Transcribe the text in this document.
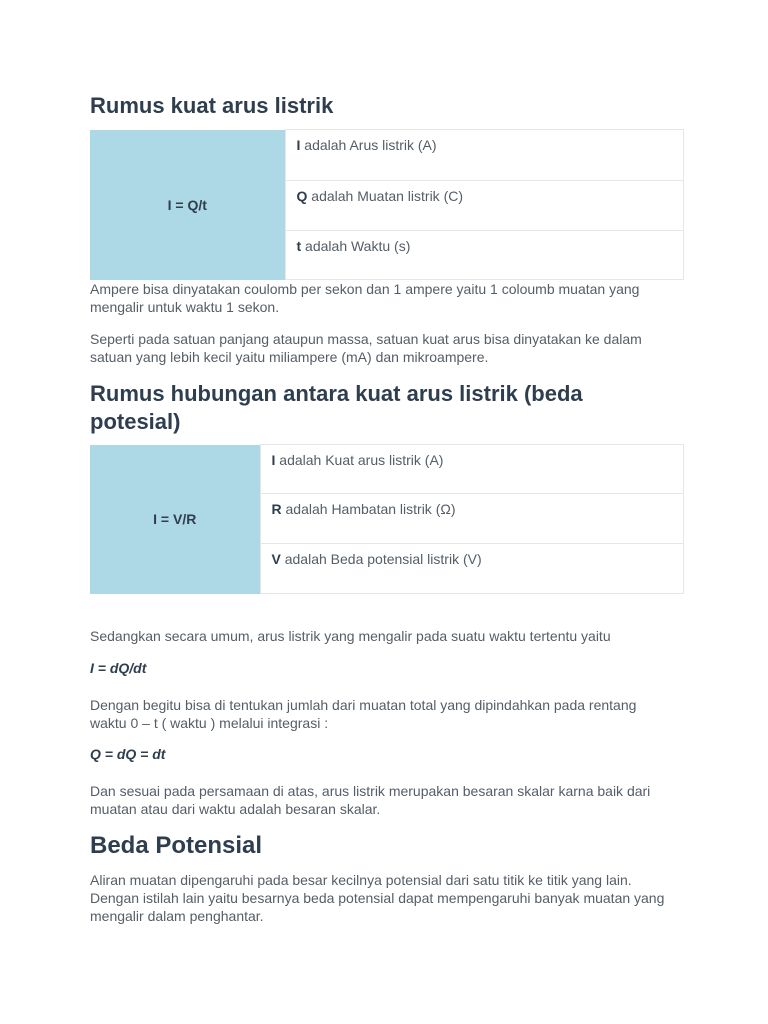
Rumus kuat arus listrik
I = Q/t	
I adalah Arus listrik (A)

Q adalah Muatan listrik (C)

t adalah Waktu (s)

Ampere bisa dinyatakan coulomb per sekon dan 1 ampere yaitu 1 coloumb muatan yang mengalir untuk waktu 1 sekon.

Seperti pada satuan panjang ataupun massa, satuan kuat arus bisa dinyatakan ke dalam satuan yang lebih kecil yaitu miliampere (mA) dan mikroampere.

Rumus hubungan antara kuat arus listrik (beda potesial)
I = V/R	
I adalah Kuat arus listrik (A)

R adalah Hambatan listrik (Ω)

V adalah Beda potensial listrik (V)

Sedangkan secara umum, arus listrik yang mengalir pada suatu waktu tertentu yaitu

I = dQ/dt

Dengan begitu bisa di tentukan jumlah dari muatan total yang dipindahkan pada rentang waktu 0 – t ( waktu ) melalui integrasi :

Q = dQ = dt

Dan sesuai pada persamaan di atas, arus listrik merupakan besaran skalar karna baik dari muatan atau dari waktu adalah besaran skalar.

Beda Potensial

Aliran muatan dipengaruhi pada besar kecilnya potensial dari satu titik ke titik yang lain. Dengan istilah lain yaitu besarnya beda potensial dapat mempengaruhi banyak muatan yang mengalir dalam penghantar.
